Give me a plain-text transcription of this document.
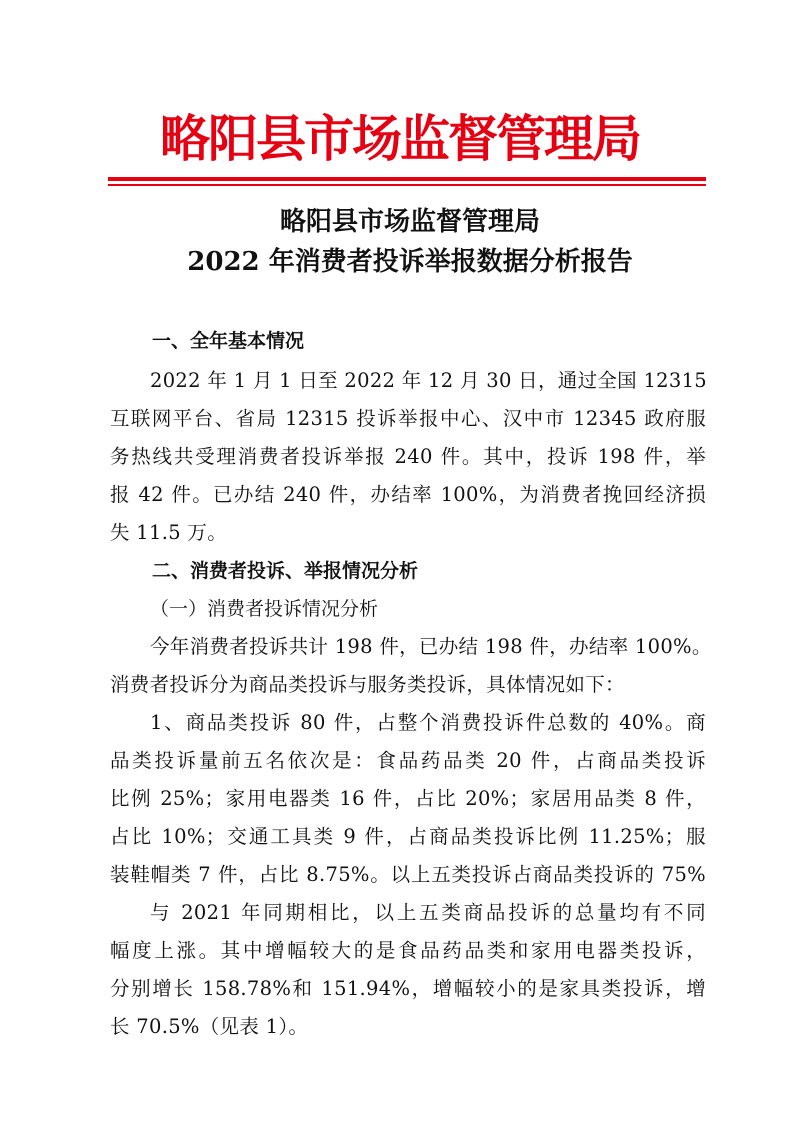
略阳县市场监督管理局
略阳县市场监督管理局
2022 年消费者投诉举报数据分析报告
一、全年基本情况
2022 年 1 月 1 日至 2022 年 12 月 30 日，通过全国 12315
互联网平台、省局 12315 投诉举报中心、汉中市 12345 政府服
务热线共受理消费者投诉举报 240 件。其中，投诉 198 件，举
报 42 件。已办结 240 件，办结率 100%，为消费者挽回经济损
失 11.5 万。
二、消费者投诉、举报情况分析
（一）消费者投诉情况分析
今年消费者投诉共计 198 件，已办结 198 件，办结率 100%。
消费者投诉分为商品类投诉与服务类投诉，具体情况如下：
1、商品类投诉 80 件，占整个消费投诉件总数的 40%。商
品类投诉量前五名依次是：食品药品类 20 件，占商品类投诉
比例 25%；家用电器类 16 件，占比 20%；家居用品类 8 件，
占比 10%；交通工具类 9 件，占商品类投诉比例 11.25%；服
装鞋帽类 7 件，占比 8.75%。以上五类投诉占商品类投诉的 75%
与 2021 年同期相比，以上五类商品投诉的总量均有不同
幅度上涨。其中增幅较大的是食品药品类和家用电器类投诉，
分别增长 158.78%和 151.94%，增幅较小的是家具类投诉，增
长 70.5%（见表 1）。
